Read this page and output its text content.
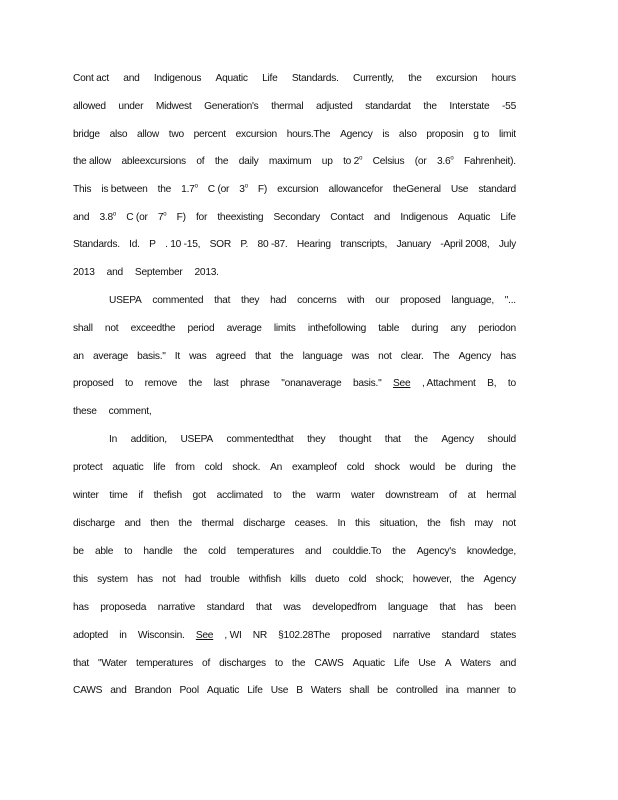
Cont act and Indigenous Aquatic Life Standards. Currently, the excursion hours
allowed under Midwest Generation's thermal adjusted standardat the Interstate -55
bridge also allow two percent excursion hours.The Agency is also proposin g to limit
the allow ableexcursions of the daily maximum up to 2$^o$ Celsius (or 3.6$^o$ Fahrenheit).
This is between the 1.7$^o$ C (or 3$^o$ F) excursion allowancefor theGeneral Use standard
and 3.8$^o$ C (or 7$^o$ F) for theexisting Secondary Contact and Indigenous Aquatic Life
Standards. Id. P . 10 -15, SOR P. 80 -87. Hearing transcripts, January -April 2008, July
2013 and September 2013.
USEPA commented that they had concerns with our proposed language, "...
shall not exceedthe period average limits inthefollowing table during any periodon
an average basis." It was agreed that the language was not clear. The Agency has
proposed to remove the last phrase "onanaverage basis." See , Attachment B, to
these comment,
In addition, USEPA commentedthat they thought that the Agency should
protect aquatic life from cold shock. An exampleof cold shock would be during the
winter time if thefish got acclimated to the warm water downstream of at hermal
discharge and then the thermal discharge ceases. In this situation, the fish may not
be able to handle the cold temperatures and coulddie.To the Agency's knowledge,
this system has not had trouble withfish kills dueto cold shock; however, the Agency
has proposeda narrative standard that was developedfrom language that has been
adopted in Wisconsin. See , WI NR §102.28The proposed narrative standard states
that "Water temperatures of discharges to the CAWS Aquatic Life Use A Waters and
CAWS and Brandon Pool Aquatic Life Use B Waters shall be controlled ina manner to
